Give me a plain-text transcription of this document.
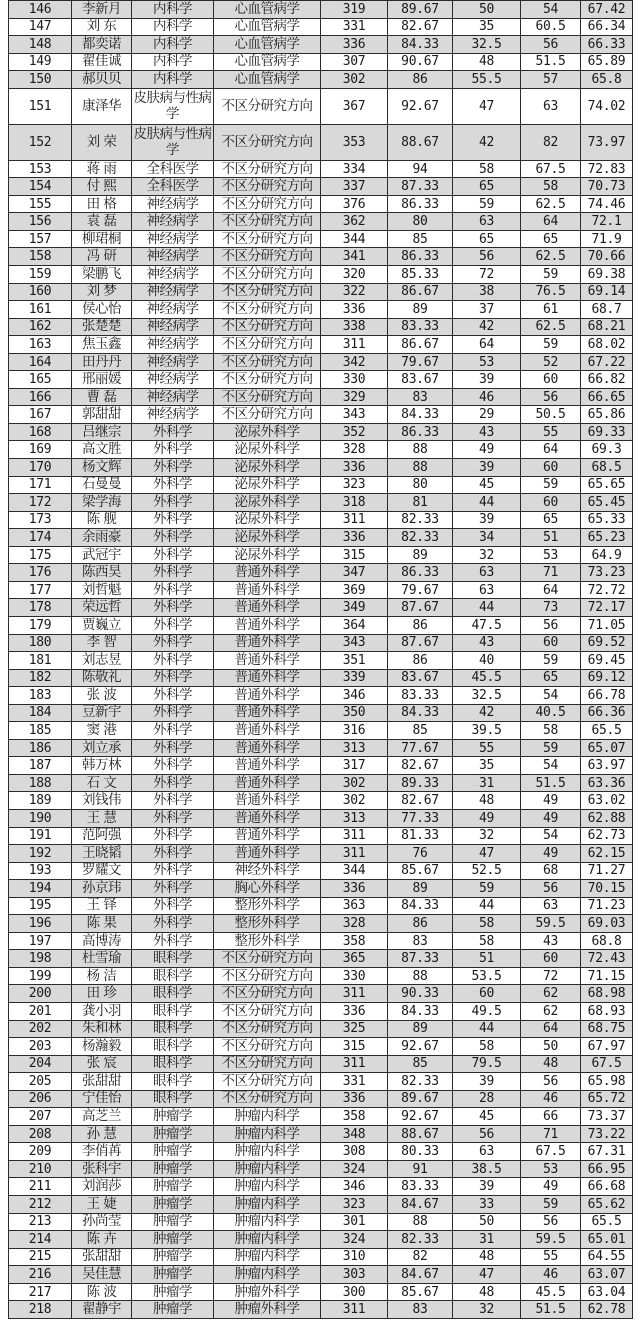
146	李新月	内科学	心血管病学	319	89.67	50	54	67.42
147	刘 东	内科学	心血管病学	331	82.67	35	60.5	66.34
148	都奕诺	内科学	心血管病学	336	84.33	32.5	56	66.33
149	翟佳诚	内科学	心血管病学	307	90.67	48	51.5	65.89
150	郝贝贝	内科学	心血管病学	302	86	55.5	57	65.8
151	康泽华	皮肤病与性病学	不区分研究方向	367	92.67	47	63	74.02
152	刘 荣	皮肤病与性病学	不区分研究方向	353	88.67	42	82	73.97
153	蒋 雨	全科医学	不区分研究方向	334	94	58	67.5	72.83
154	付 熙	全科医学	不区分研究方向	337	87.33	65	58	70.73
155	田 格	神经病学	不区分研究方向	376	86.33	59	62.5	74.46
156	袁 磊	神经病学	不区分研究方向	362	80	63	64	72.1
157	柳珺桐	神经病学	不区分研究方向	344	85	65	65	71.9
158	冯 研	神经病学	不区分研究方向	341	86.33	56	62.5	70.66
159	梁鹏飞	神经病学	不区分研究方向	320	85.33	72	59	69.38
160	刘 梦	神经病学	不区分研究方向	322	86.67	38	76.5	69.14
161	侯心怡	神经病学	不区分研究方向	336	89	37	61	68.7
162	张楚楚	神经病学	不区分研究方向	338	83.33	42	62.5	68.21
163	焦玉鑫	神经病学	不区分研究方向	311	86.67	64	59	68.02
164	田丹丹	神经病学	不区分研究方向	342	79.67	53	52	67.22
165	邢丽媛	神经病学	不区分研究方向	330	83.67	39	60	66.82
166	曹 磊	神经病学	不区分研究方向	329	83	46	56	66.65
167	郭甜甜	神经病学	不区分研究方向	343	84.33	29	50.5	65.86
168	吕继宗	外科学	泌尿外科学	352	86.33	43	55	69.33
169	高文胜	外科学	泌尿外科学	328	88	49	64	69.3
170	杨文辉	外科学	泌尿外科学	336	88	39	60	68.5
171	石曼曼	外科学	泌尿外科学	323	80	45	59	65.65
172	梁学海	外科学	泌尿外科学	318	81	44	60	65.45
173	陈 舰	外科学	泌尿外科学	311	82.33	39	65	65.33
174	余雨豪	外科学	泌尿外科学	336	82.33	34	51	65.23
175	武冠宇	外科学	泌尿外科学	315	89	32	53	64.9
176	陈西昊	外科学	普通外科学	347	86.33	63	71	73.23
177	刘哲魁	外科学	普通外科学	369	79.67	63	64	72.72
178	荣远哲	外科学	普通外科学	349	87.67	44	73	72.17
179	贾巍立	外科学	普通外科学	364	86	47.5	56	71.05
180	李 智	外科学	普通外科学	343	87.67	43	60	69.52
181	刘志昱	外科学	普通外科学	351	86	40	59	69.45
182	陈敬礼	外科学	普通外科学	339	83.67	45.5	65	69.12
183	张 波	外科学	普通外科学	346	83.33	32.5	54	66.78
184	豆新宇	外科学	普通外科学	350	84.33	42	40.5	66.36
185	窦 港	外科学	普通外科学	316	85	39.5	58	65.5
186	刘立承	外科学	普通外科学	313	77.67	55	59	65.07
187	韩万林	外科学	普通外科学	317	82.67	35	54	63.97
188	石 文	外科学	普通外科学	302	89.33	31	51.5	63.36
189	刘钱伟	外科学	普通外科学	302	82.67	48	49	63.02
190	王 慧	外科学	普通外科学	313	77.33	49	49	62.88
191	范阿强	外科学	普通外科学	311	81.33	32	54	62.73
192	王晓韬	外科学	普通外科学	311	76	47	49	62.15
193	罗耀文	外科学	神经外科学	344	85.67	52.5	68	71.27
194	孙京玮	外科学	胸心外科学	336	89	59	56	70.15
195	王 铎	外科学	整形外科学	363	84.33	44	63	71.23
196	陈 果	外科学	整形外科学	328	86	58	59.5	69.03
197	高博涛	外科学	整形外科学	358	83	58	43	68.8
198	杜雪瑜	眼科学	不区分研究方向	365	87.33	51	60	72.43
199	杨 洁	眼科学	不区分研究方向	330	88	53.5	72	71.15
200	田 珍	眼科学	不区分研究方向	311	90.33	60	62	68.98
201	龚小羽	眼科学	不区分研究方向	336	84.33	49.5	62	68.93
202	朱和林	眼科学	不区分研究方向	325	89	44	64	68.75
203	杨瀚毅	眼科学	不区分研究方向	315	92.67	58	50	67.97
204	张 宸	眼科学	不区分研究方向	311	85	79.5	48	67.5
205	张甜甜	眼科学	不区分研究方向	331	82.33	39	56	65.98
206	宁佳怡	眼科学	不区分研究方向	336	89.67	28	46	65.72
207	高芝兰	肿瘤学	肿瘤内科学	358	92.67	45	66	73.37
208	孙 慧	肿瘤学	肿瘤内科学	348	88.67	56	71	73.22
209	李俏苒	肿瘤学	肿瘤内科学	308	80.33	63	67.5	67.31
210	张科宇	肿瘤学	肿瘤内科学	324	91	38.5	53	66.95
211	刘润莎	肿瘤学	肿瘤内科学	346	83.33	39	49	66.68
212	王 婕	肿瘤学	肿瘤内科学	323	84.67	33	59	65.62
213	孙尚莹	肿瘤学	肿瘤内科学	301	88	50	56	65.5
214	陈 卉	肿瘤学	肿瘤内科学	324	82.33	31	59.5	65.01
215	张甜甜	肿瘤学	肿瘤内科学	310	82	48	55	64.55
216	吴佳慧	肿瘤学	肿瘤内科学	303	84.67	47	46	63.07
217	陈 波	肿瘤学	肿瘤外科学	300	85.67	48	45.5	63.04
218	翟静宇	肿瘤学	肿瘤外科学	311	83	32	51.5	62.78
